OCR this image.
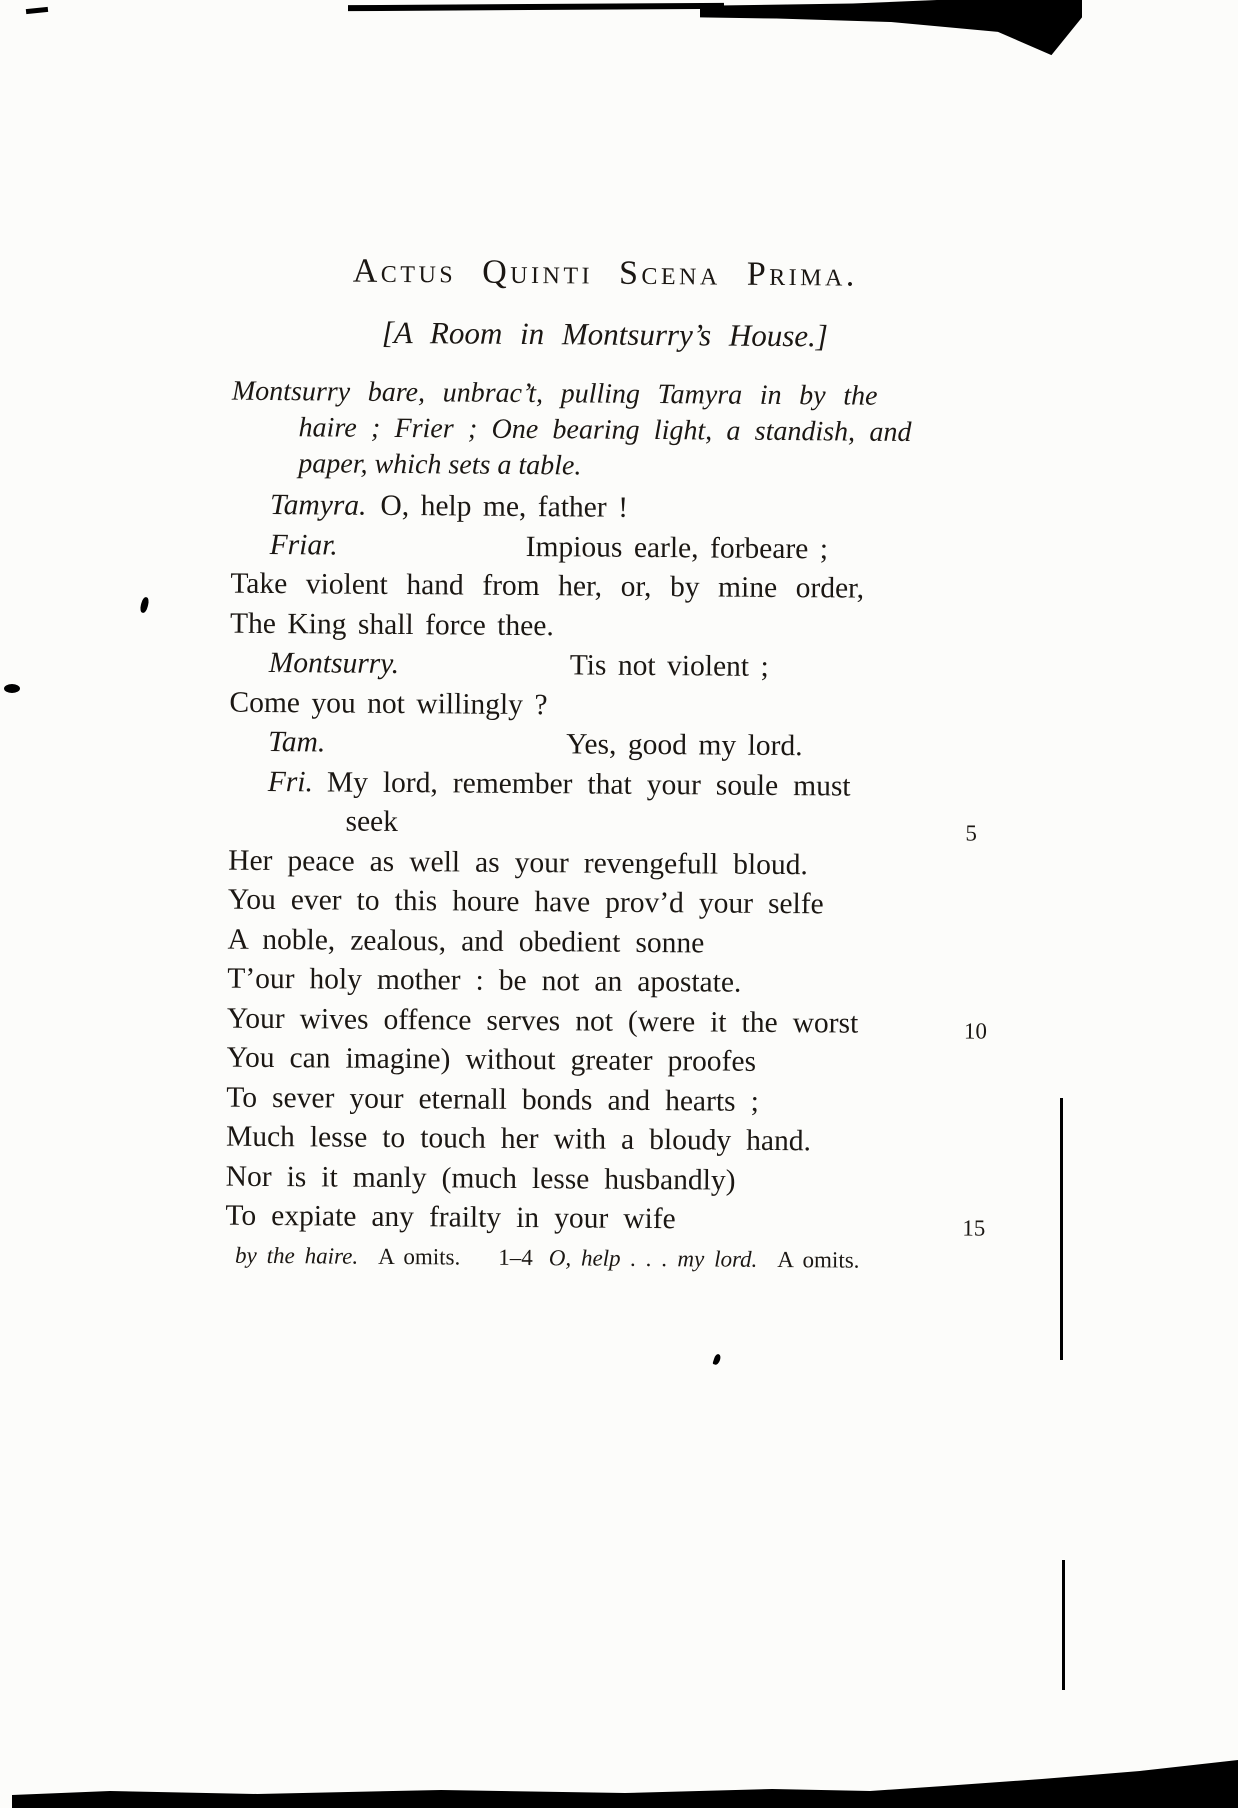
Actus Quinti Scena Prima.
[A Room in Montsurry’s House.]
Montsurry bare, unbrac’t, pulling Tamyra in by the
haire ; Frier ; One bearing light, a standish, and
paper, which sets a table.
Tamyra. O, help me, father !
Friar.	Impious earle, forbeare ;
Take violent hand from her, or, by mine order,
The King shall force thee.
Montsurry.	Tis not violent ;
Come you not willingly ?
Tam.	Yes, good my lord.
Fri. My lord, remember that your soule must
seek	5
Her peace as well as your revengefull bloud.
You ever to this houre have prov’d your selfe
A noble, zealous, and obedient sonne
T’our holy mother : be not an apostate.
Your wives offence serves not (were it the worst	10
You can imagine) without greater proofes
To sever your eternall bonds and hearts ;
Much lesse to touch her with a bloudy hand.
Nor is it manly (much lesse husbandly)
To expiate any frailty in your wife	15
by the haire. A omits. 1–4 O, help . . . my lord. A omits.
